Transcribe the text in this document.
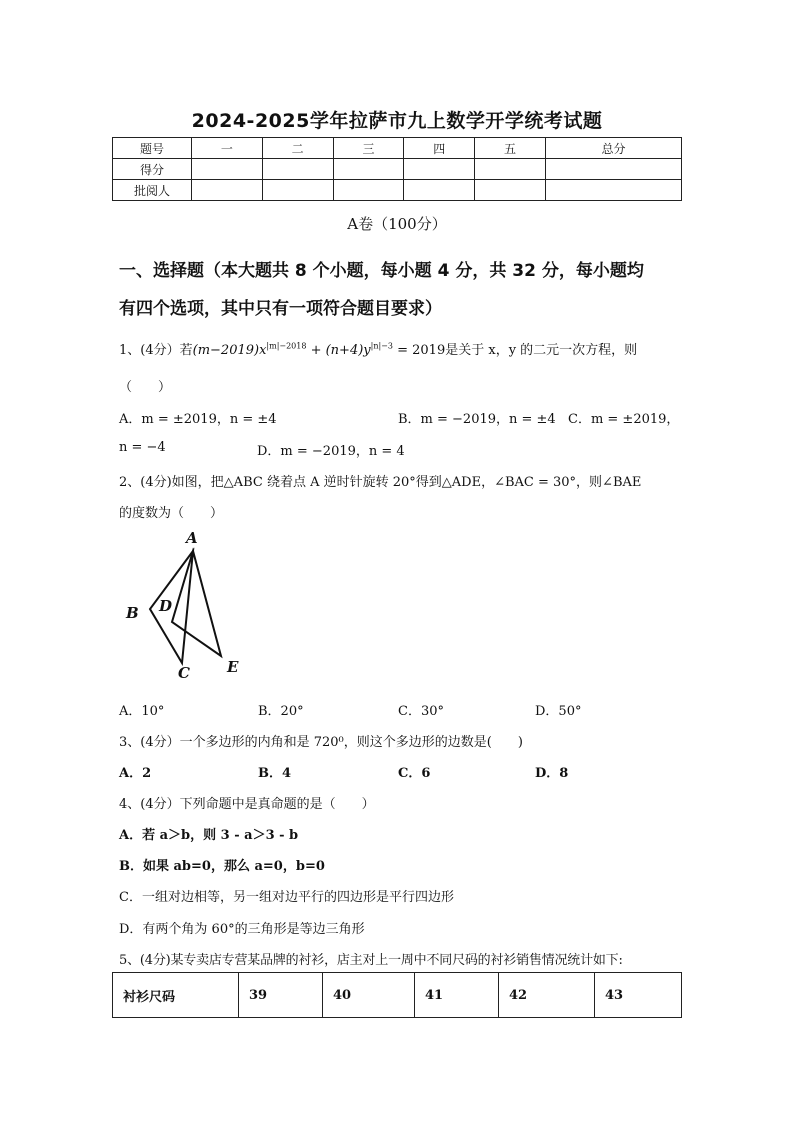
2024-2025学年拉萨市九上数学开学统考试题
题号	一	二	三	四	五	总分
得分						
批阅人						
A卷（100分）
一、选择题（本大题共 8 个小题，每小题 4 分，共 32 分，每小题均
有四个选项，其中只有一项符合题目要求）
1、(4分）若$(m-2019)x^{|m|-2018} + (n+4)y^{|n|-3} = 2019$是关于 x，y 的二元一次方程，则
（　　）
A．m = ±2019，n = ±4	B．m = −2019，n = ±4 C．m = ±2019，
n = −4	D．m = −2019，n = 4
2、(4分)如图，把△ABC 绕着点 A 逆时针旋转 20°得到△ADE，∠BAC = 30°，则∠BAE
的度数为（　　）
A
B D
C E
A．10°	B．20°	C．30°	D．50°
3、(4分）一个多边形的内角和是 720⁰，则这个多边形的边数是(　　)
A．2	B．4	C．6	D．8
4、(4分）下列命题中是真命题的是（　　）
A．若 a＞b，则 3 - a＞3 - b
B．如果 ab=0，那么 a=0，b=0
C．一组对边相等，另一组对边平行的四边形是平行四边形
D．有两个角为 60°的三角形是等边三角形
5、(4分)某专卖店专营某品牌的衬衫，店主对上一周中不同尺码的衬衫销售情况统计如下:
衬衫尺码	39	40	41	42	43
